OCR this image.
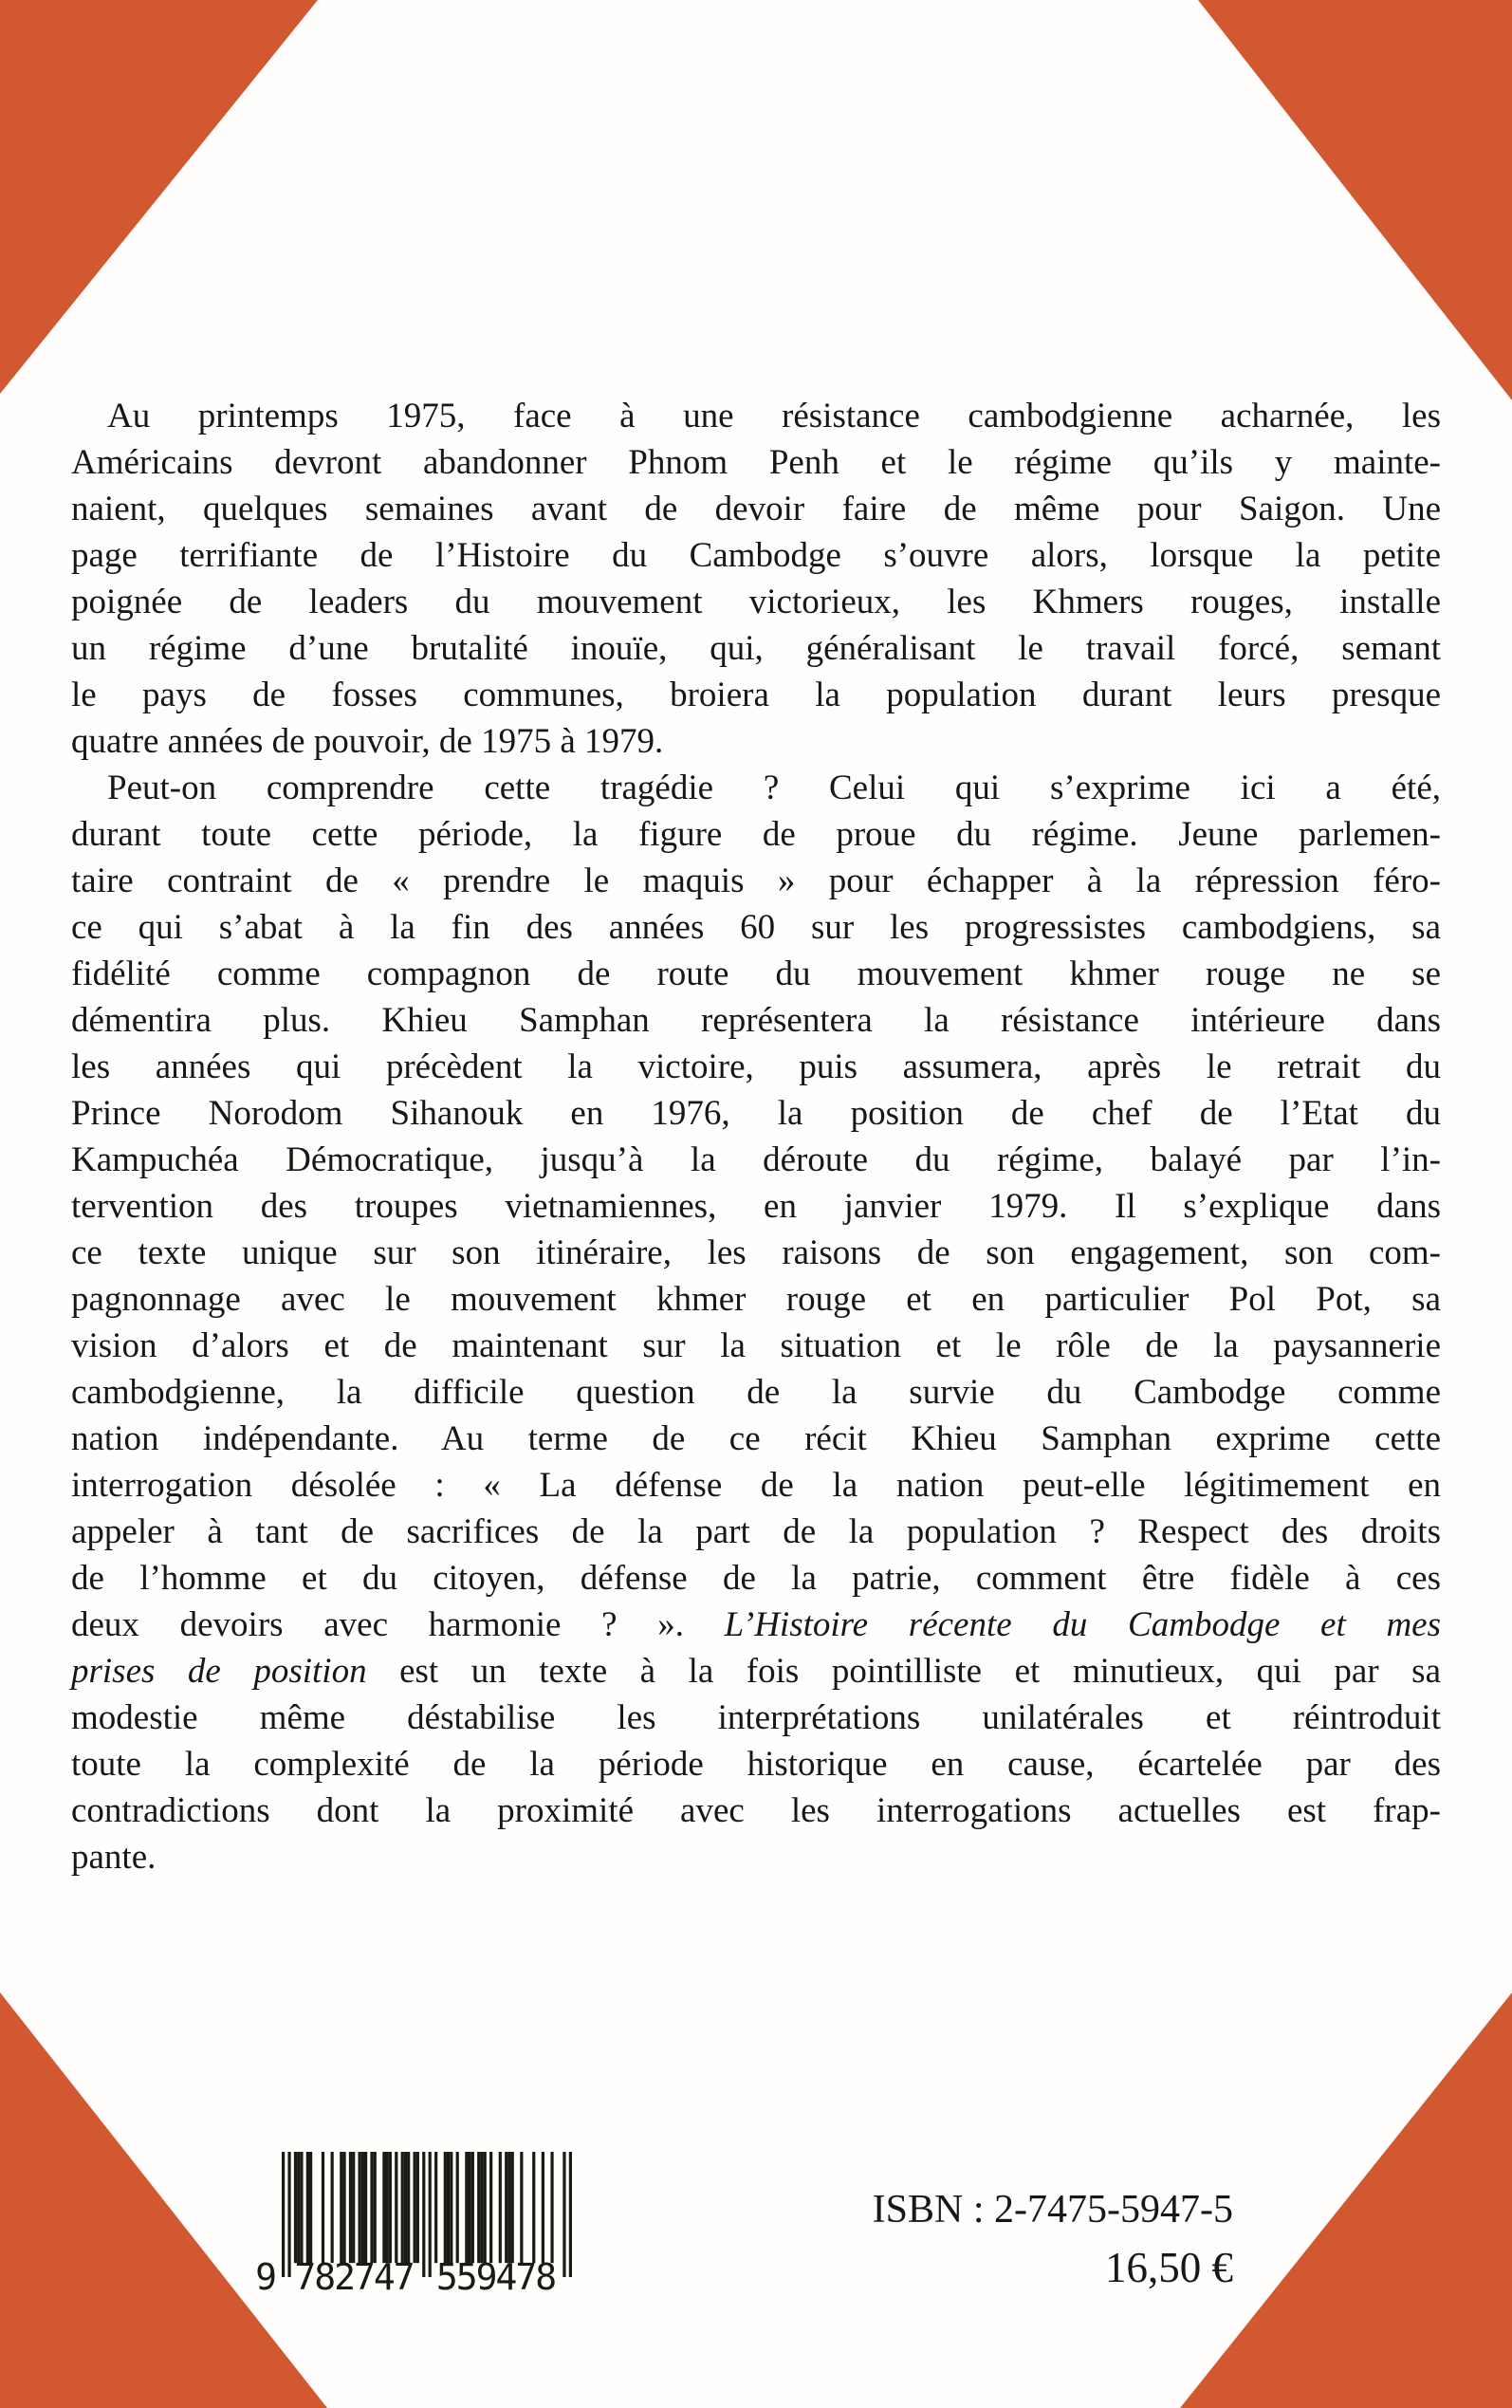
Au printemps 1975, face à une résistance cambodgienne acharnée, les
Américains devront abandonner Phnom Penh et le régime qu’ils y mainte-
naient, quelques semaines avant de devoir faire de même pour Saigon. Une
page terrifiante de l’Histoire du Cambodge s’ouvre alors, lorsque la petite
poignée de leaders du mouvement victorieux, les Khmers rouges, installe
un régime d’une brutalité inouïe, qui, généralisant le travail forcé, semant
le pays de fosses communes, broiera la population durant leurs presque
quatre années de pouvoir, de 1975 à 1979.
Peut-on comprendre cette tragédie ? Celui qui s’exprime ici a été,
durant toute cette période, la figure de proue du régime. Jeune parlemen-
taire contraint de « prendre le maquis » pour échapper à la répression féro-
ce qui s’abat à la fin des années 60 sur les progressistes cambodgiens, sa
fidélité comme compagnon de route du mouvement khmer rouge ne se
démentira plus. Khieu Samphan représentera la résistance intérieure dans
les années qui précèdent la victoire, puis assumera, après le retrait du
Prince Norodom Sihanouk en 1976, la position de chef de l’Etat du
Kampuchéa Démocratique, jusqu’à la déroute du régime, balayé par l’in-
tervention des troupes vietnamiennes, en janvier 1979. Il s’explique dans
ce texte unique sur son itinéraire, les raisons de son engagement, son com-
pagnonnage avec le mouvement khmer rouge et en particulier Pol Pot, sa
vision d’alors et de maintenant sur la situation et le rôle de la paysannerie
cambodgienne, la difficile question de la survie du Cambodge comme
nation indépendante. Au terme de ce récit Khieu Samphan exprime cette
interrogation désolée : « La défense de la nation peut-elle légitimement en
appeler à tant de sacrifices de la part de la population ? Respect des droits
de l’homme et du citoyen, défense de la patrie, comment être fidèle à ces
deux devoirs avec harmonie ? ». L’Histoire récente du Cambodge et mes
prises de position est un texte à la fois pointilliste et minutieux, qui par sa
modestie même déstabilise les interprétations unilatérales et réintroduit
toute la complexité de la période historique en cause, écartelée par des
contradictions dont la proximité avec les interrogations actuelles est frap-
pante.
9 782747 559478
ISBN : 2-7475-5947-5
16,50 €
